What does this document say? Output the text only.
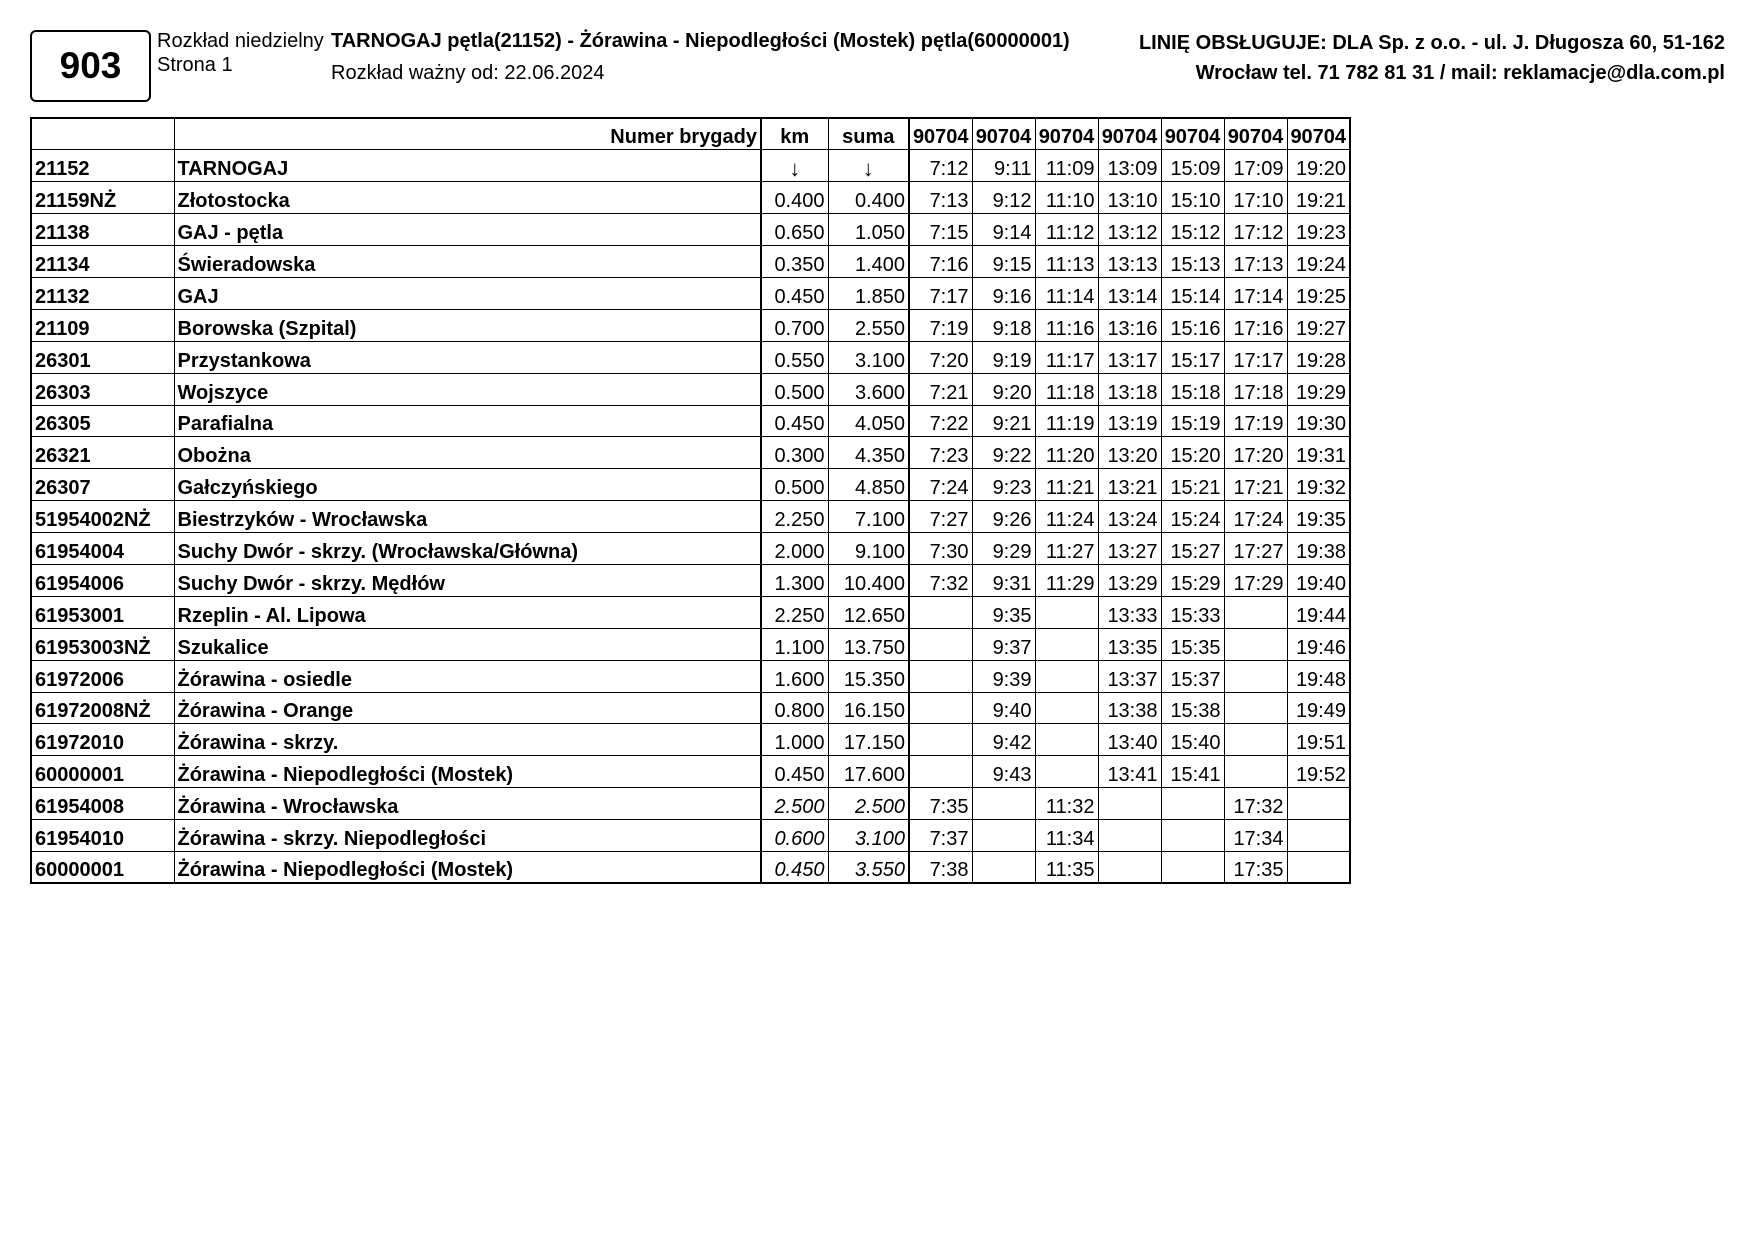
903
Rozkład niedzielny
Strona 1
TARNOGAJ pętla(21152) - Żórawina - Niepodległości (Mostek) pętla(60000001)
Rozkład ważny od: 22.06.2024
LINIĘ OBSŁUGUJE: DLA Sp. z o.o. - ul. J. Długosza 60, 51-162
Wrocław tel. 71 782 81 31 / mail: reklamacje@dla.com.pl
	Numer brygady	km	suma	90704	90704	90704	90704	90704	90704	90704
21152	TARNOGAJ	↓	↓	7:12	9:11	11:09	13:09	15:09	17:09	19:20
21159NŻ	Złotostocka	0.400	0.400	7:13	9:12	11:10	13:10	15:10	17:10	19:21
21138	GAJ - pętla	0.650	1.050	7:15	9:14	11:12	13:12	15:12	17:12	19:23
21134	Świeradowska	0.350	1.400	7:16	9:15	11:13	13:13	15:13	17:13	19:24
21132	GAJ	0.450	1.850	7:17	9:16	11:14	13:14	15:14	17:14	19:25
21109	Borowska (Szpital)	0.700	2.550	7:19	9:18	11:16	13:16	15:16	17:16	19:27
26301	Przystankowa	0.550	3.100	7:20	9:19	11:17	13:17	15:17	17:17	19:28
26303	Wojszyce	0.500	3.600	7:21	9:20	11:18	13:18	15:18	17:18	19:29
26305	Parafialna	0.450	4.050	7:22	9:21	11:19	13:19	15:19	17:19	19:30
26321	Obożna	0.300	4.350	7:23	9:22	11:20	13:20	15:20	17:20	19:31
26307	Gałczyńskiego	0.500	4.850	7:24	9:23	11:21	13:21	15:21	17:21	19:32
51954002NŻ	Biestrzyków - Wrocławska	2.250	7.100	7:27	9:26	11:24	13:24	15:24	17:24	19:35
61954004	Suchy Dwór - skrzy. (Wrocławska/Główna)	2.000	9.100	7:30	9:29	11:27	13:27	15:27	17:27	19:38
61954006	Suchy Dwór - skrzy. Mędłów	1.300	10.400	7:32	9:31	11:29	13:29	15:29	17:29	19:40
61953001	Rzeplin - Al. Lipowa	2.250	12.650		9:35		13:33	15:33		19:44
61953003NŻ	Szukalice	1.100	13.750		9:37		13:35	15:35		19:46
61972006	Żórawina - osiedle	1.600	15.350		9:39		13:37	15:37		19:48
61972008NŻ	Żórawina - Orange	0.800	16.150		9:40		13:38	15:38		19:49
61972010	Żórawina - skrzy.	1.000	17.150		9:42		13:40	15:40		19:51
60000001	Żórawina - Niepodległości (Mostek)	0.450	17.600		9:43		13:41	15:41		19:52
61954008	Żórawina - Wrocławska	2.500	2.500	7:35		11:32			17:32	
61954010	Żórawina - skrzy. Niepodległości	0.600	3.100	7:37		11:34			17:34	
60000001	Żórawina - Niepodległości (Mostek)	0.450	3.550	7:38		11:35			17:35	
